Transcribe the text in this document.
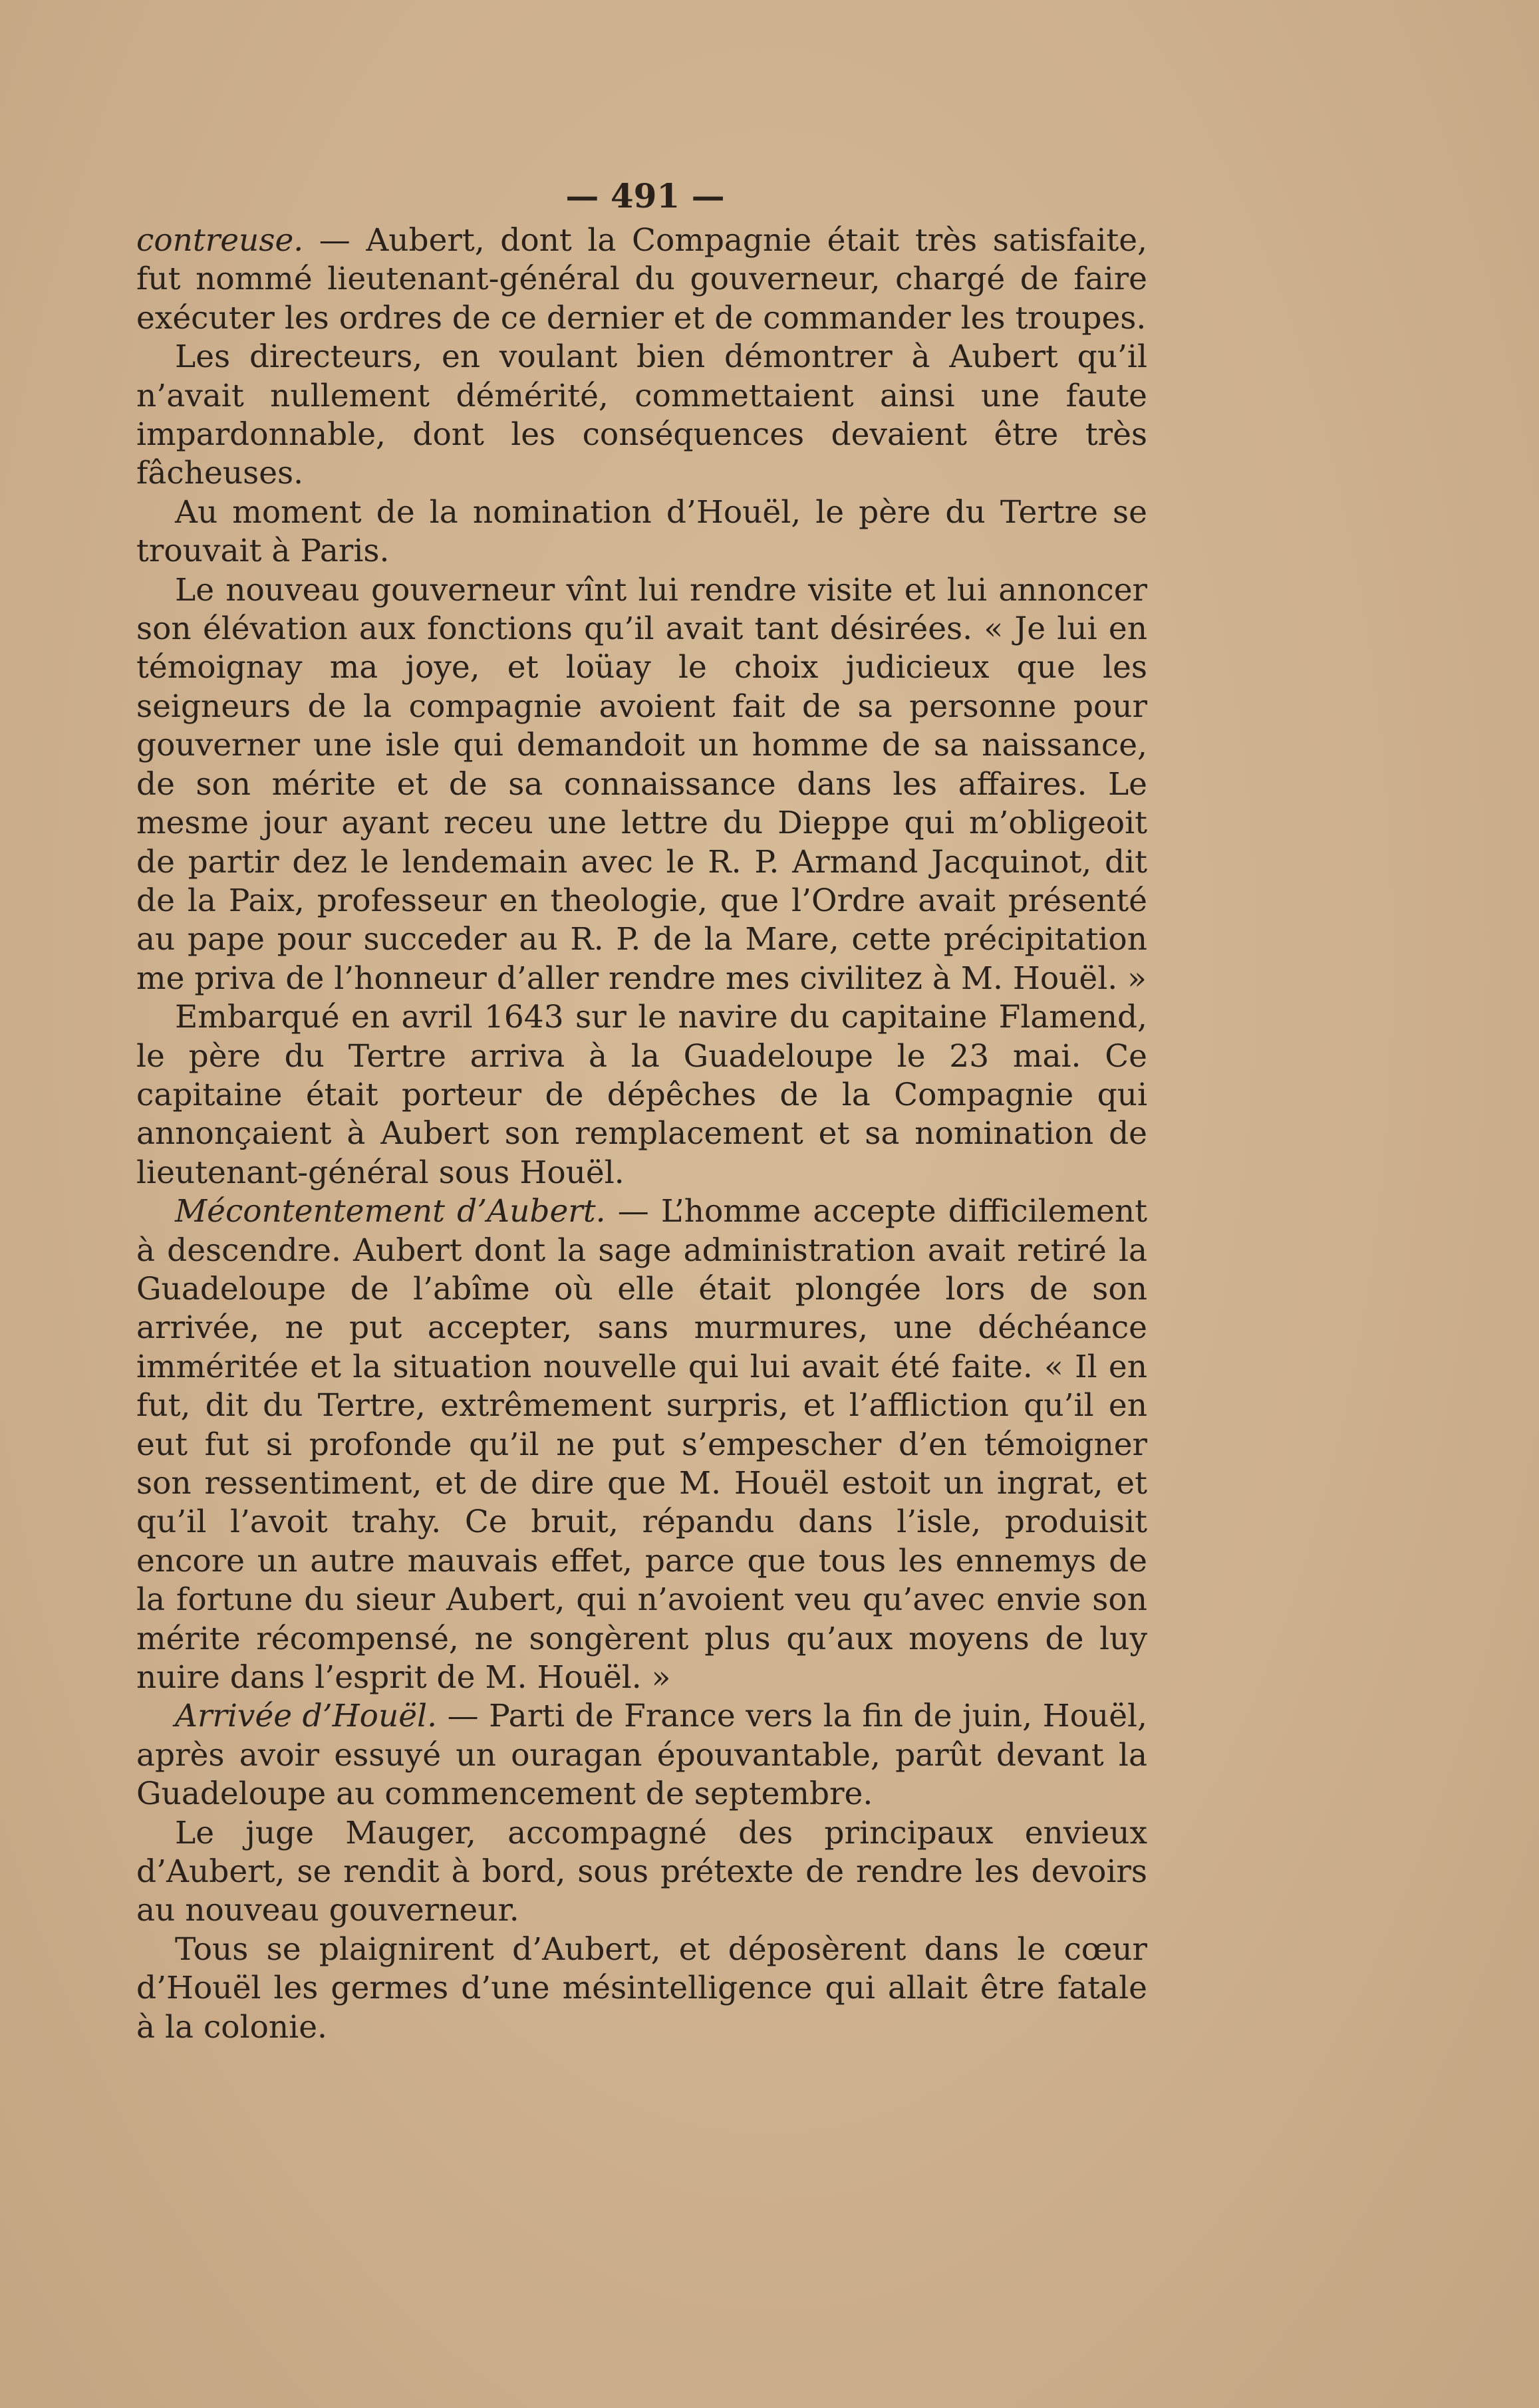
— 491 —

contreuse. — Aubert, dont la Compagnie était très satisfaite, fut nommé lieutenant-général du gouverneur, chargé de faire exécuter les ordres de ce dernier et de commander les troupes.

Les directeurs, en voulant bien démontrer à Aubert qu’il n’avait nullement démérité, commettaient ainsi une faute impardonnable, dont les conséquences devaient être très fâcheuses.

Au moment de la nomination d’Houël, le père du Tertre se trouvait à Paris.

Le nouveau gouverneur vînt lui rendre visite et lui annoncer son élévation aux fonctions qu’il avait tant désirées. « Je lui en témoignay ma joye, et loüay le choix judicieux que les seigneurs de la compagnie avoient fait de sa personne pour gouverner une isle qui demandoit un homme de sa naissance, de son mérite et de sa connaissance dans les affaires. Le mesme jour ayant receu une lettre du Dieppe qui m’obligeoit de partir dez le lendemain avec le R. P. Armand Jacquinot, dit de la Paix, professeur en theologie, que l’Ordre avait présenté au pape pour succeder au R. P. de la Mare, cette précipitation me priva de l’honneur d’aller rendre mes civilitez à M. Houël. »

Embarqué en avril 1643 sur le navire du capitaine Flamend, le père du Tertre arriva à la Guadeloupe le 23 mai. Ce capitaine était porteur de dépêches de la Compagnie qui annonçaient à Aubert son remplacement et sa nomination de lieutenant-général sous Houël.

Mécontentement d’Aubert. — L’homme accepte difficilement à descendre. Aubert dont la sage administration avait retiré la Guadeloupe de l’abîme où elle était plongée lors de son arrivée, ne put accepter, sans murmures, une déchéance imméritée et la situation nouvelle qui lui avait été faite. « Il en fut, dit du Tertre, extrêmement surpris, et l’affliction qu’il en eut fut si profonde qu’il ne put s’empescher d’en témoigner son ressentiment, et de dire que M. Houël estoit un ingrat, et qu’il l’avoit trahy. Ce bruit, répandu dans l’isle, produisit encore un autre mauvais effet, parce que tous les ennemys de la fortune du sieur Aubert, qui n’avoient veu qu’avec envie son mérite récompensé, ne songèrent plus qu’aux moyens de luy nuire dans l’esprit de M. Houël. »

Arrivée d’Houël. — Parti de France vers la fin de juin, Houël, après avoir essuyé un ouragan épouvantable, parût devant la Guadeloupe au commencement de septembre.

Le juge Mauger, accompagné des principaux envieux d’Aubert, se rendit à bord, sous prétexte de rendre les devoirs au nouveau gouverneur.

Tous se plaignirent d’Aubert, et déposèrent dans le cœur d’Houël les germes d’une mésintelligence qui allait être fatale à la colonie.
